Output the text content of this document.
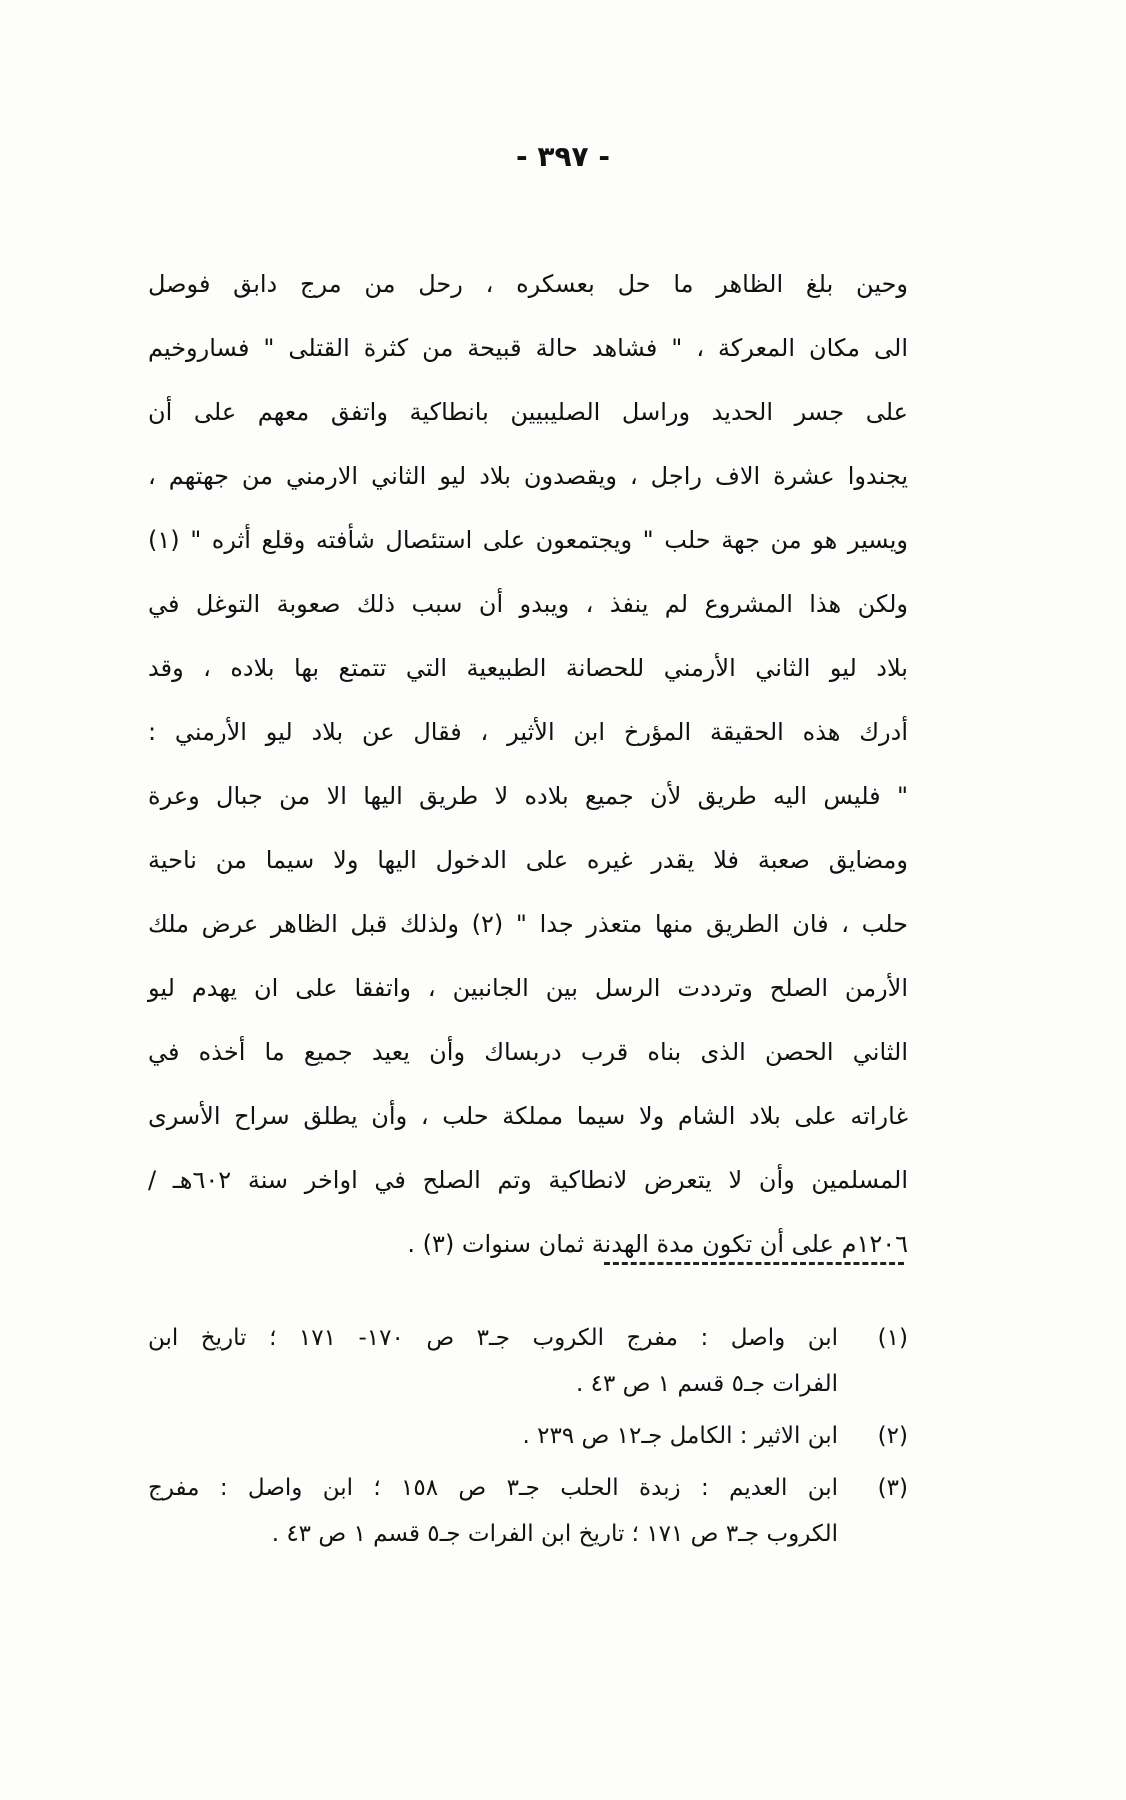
- ٣٩٧ -
وحين بلغ الظاهر ما حل بعسكره ، رحل من مرج دابق فوصل
الى مكان المعركة ، " فشاهد حالة قبيحة من كثرة القتلى " فساروخيم
على جسر الحديد وراسل الصليبيين بانطاكية واتفق معهم على أن
يجندوا عشرة الاف راجل ، ويقصدون بلاد ليو الثاني الارمني من جهتهم ،
ويسير هو من جهة حلب " ويجتمعون على استئصال شأفته وقلع أثره " (١)
ولكن هذا المشروع لم ينفذ ، ويبدو أن سبب ذلك صعوبة التوغل في
بلاد ليو الثاني الأرمني للحصانة الطبيعية التي تتمتع بها بلاده ، وقد
أدرك هذه الحقيقة المؤرخ ابن الأثير ، فقال عن بلاد ليو الأرمني :
" فليس اليه طريق لأن جميع بلاده لا طريق اليها الا من جبال وعرة
ومضايق صعبة فلا يقدر غيره على الدخول اليها ولا سيما من ناحية
حلب ، فان الطريق منها متعذر جدا " (٢) ولذلك قبل الظاهر عرض ملك
الأرمن الصلح وترددت الرسل بين الجانبين ، واتفقا على ان يهدم ليو
الثاني الحصن الذى بناه قرب دربساك وأن يعيد جميع ما أخذه في
غاراته على بلاد الشام ولا سيما مملكة حلب ، وأن يطلق سراح الأسرى
المسلمين وأن لا يتعرض لانطاكية وتم الصلح في اواخر سنة ٦٠٢هـ /
١٢٠٦م على أن تكون مدة الهدنة ثمان سنوات (٣) .
(١)
ابن واصل : مفرج الكروب جـ٣ ص ١٧٠- ١٧١ ؛ تاريخ ابن
الفرات جـ٥ قسم ١ ص ٤٣ .
(٢)
ابن الاثير : الكامل جـ١٢ ص ٢٣٩ .
(٣)
ابن العديم : زبدة الحلب جـ٣ ص ١٥٨ ؛ ابن واصل : مفرج
الكروب جـ٣ ص ١٧١ ؛ تاريخ ابن الفرات جـ٥ قسم ١ ص ٤٣ .
